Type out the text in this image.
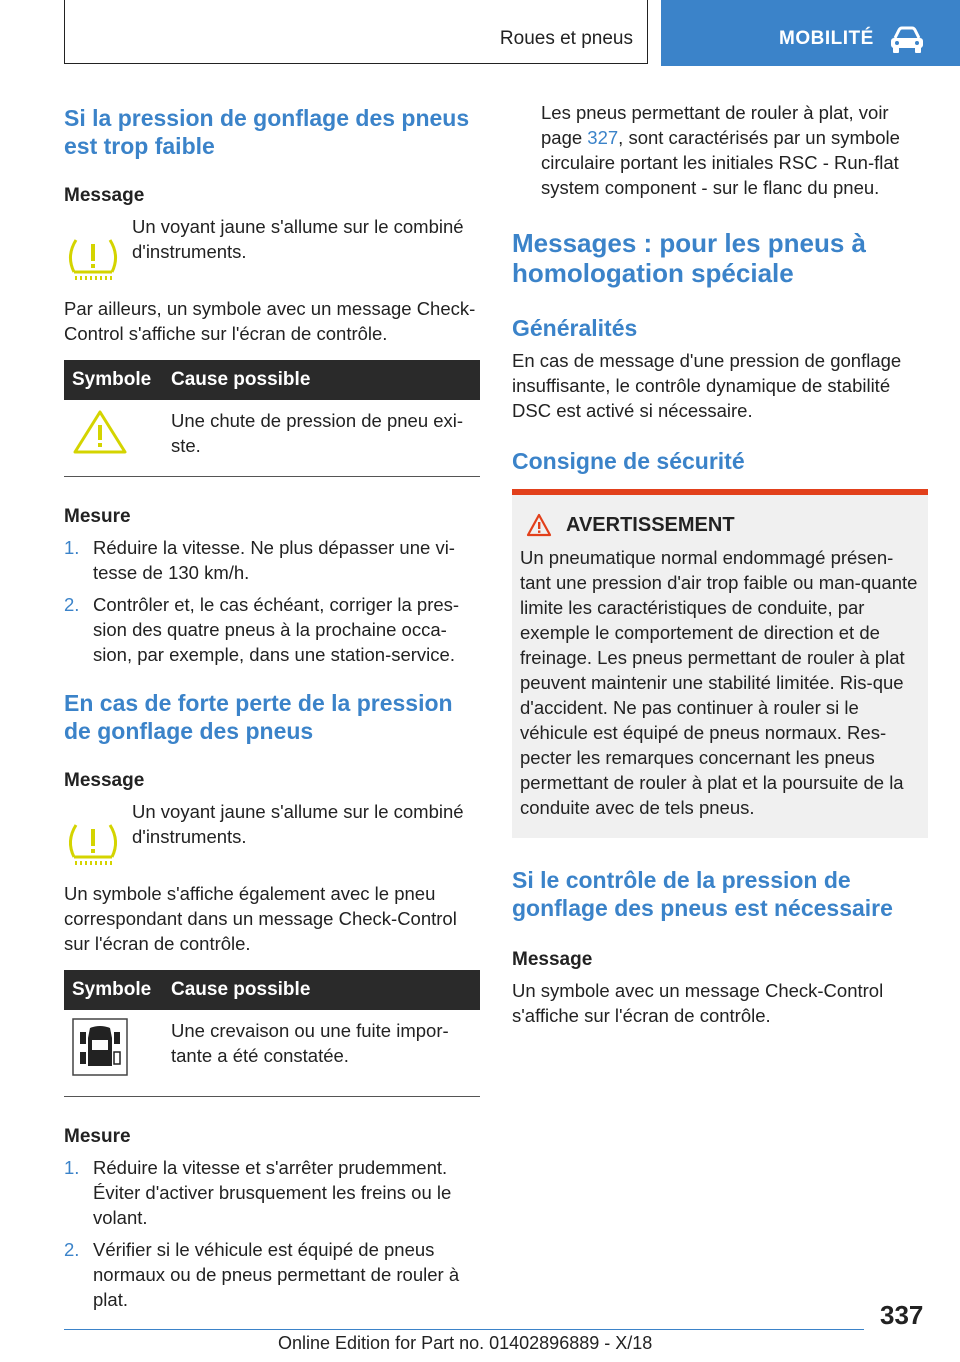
Roues et pneus	MOBILITÉ
Si la pression de gonflage des pneus est trop faible
Message

Un voyant jaune s'allume sur le combiné d'instruments.

Par ailleurs, un symbole avec un message Check-Control s'affiche sur l'écran de contrôle.

Symbole	Cause possible
	Une chute de pression de pneu exi-ste.
Mesure
1. Réduire la vitesse. Ne plus dépasser une vi-tesse de 130 km/h.
2. Contrôler et, le cas échéant, corriger la pres-sion des quatre pneus à la prochaine occa-sion, par exemple, dans une station-service.
En cas de forte perte de la pression de gonflage des pneus
Message

Un voyant jaune s'allume sur le combiné d'instruments.

Un symbole s'affiche également avec le pneu correspondant dans un message Check-Control sur l'écran de contrôle.

Symbole	Cause possible
	Une crevaison ou une fuite impor-tante a été constatée.
Mesure
1. Réduire la vitesse et s'arrêter prudemment. Éviter d'activer brusquement les freins ou le volant.
2. Vérifier si le véhicule est équipé de pneus normaux ou de pneus permettant de rouler à plat.

Les pneus permettant de rouler à plat, voir page 327, sont caractérisés par un symbole circulaire portant les initiales RSC - Run-flat system component - sur le flanc du pneu.

Messages : pour les pneus à homologation spéciale
Généralités

En cas de message d'une pression de gonflage insuffisante, le contrôle dynamique de stabilité DSC est activé si nécessaire.

Consigne de sécurité
AVERTISSEMENT

Un pneumatique normal endommagé présen-tant une pression d'air trop faible ou man-quante limite les caractéristiques de conduite, par exemple le comportement de direction et de freinage. Les pneus permettant de rouler à plat peuvent maintenir une stabilité limitée. Ris-que d'accident. Ne pas continuer à rouler si le véhicule est équipé de pneus normaux. Res-pecter les remarques concernant les pneus permettant de rouler à plat et la poursuite de la conduite avec de tels pneus.

Si le contrôle de la pression de gonflage des pneus est nécessaire
Message

Un symbole avec un message Check-Control s'affiche sur l'écran de contrôle.

337
Online Edition for Part no. 01402896889 - X/18
